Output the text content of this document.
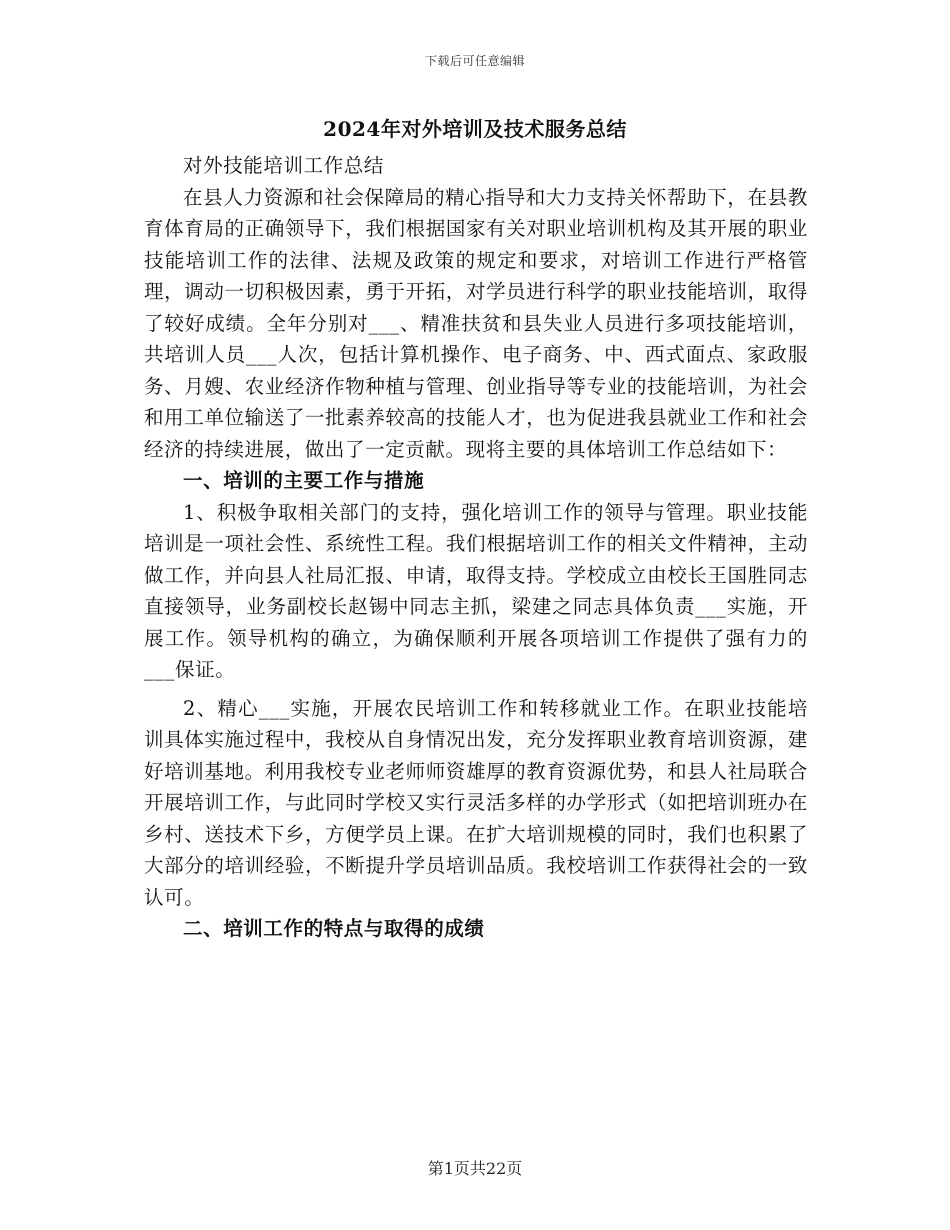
下载后可任意编辑
2024年对外培训及技术服务总结

对外技能培训工作总结

在县人力资源和社会保障局的精心指导和大力支持关怀帮助下，在县教育体育局的正确领导下，我们根据国家有关对职业培训机构及其开展的职业技能培训工作的法律、法规及政策的规定和要求，对培训工作进行严格管理，调动一切积极因素，勇于开拓，对学员进行科学的职业技能培训，取得了较好成绩。全年分别对___、精准扶贫和县失业人员进行多项技能培训，共培训人员___人次，包括计算机操作、电子商务、中、西式面点、家政服务、月嫂、农业经济作物种植与管理、创业指导等专业的技能培训，为社会和用工单位输送了一批素养较高的技能人才，也为促进我县就业工作和社会经济的持续进展，做出了一定贡献。现将主要的具体培训工作总结如下：

一、培训的主要工作与措施

1、积极争取相关部门的支持，强化培训工作的领导与管理。职业技能培训是一项社会性、系统性工程。我们根据培训工作的相关文件精神，主动做工作，并向县人社局汇报、申请，取得支持。学校成立由校长王国胜同志直接领导，业务副校长赵锡中同志主抓，梁建之同志具体负责___实施，开展工作。领导机构的确立，为确保顺利开展各项培训工作提供了强有力的___保证。

2、精心___实施，开展农民培训工作和转移就业工作。在职业技能培训具体实施过程中，我校从自身情况出发，充分发挥职业教育培训资源，建好培训基地。利用我校专业老师师资雄厚的教育资源优势，和县人社局联合开展培训工作，与此同时学校又实行灵活多样的办学形式（如把培训班办在乡村、送技术下乡，方便学员上课。在扩大培训规模的同时，我们也积累了大部分的培训经验，不断提升学员培训品质。我校培训工作获得社会的一致认可。

二、培训工作的特点与取得的成绩
第1页共22页
